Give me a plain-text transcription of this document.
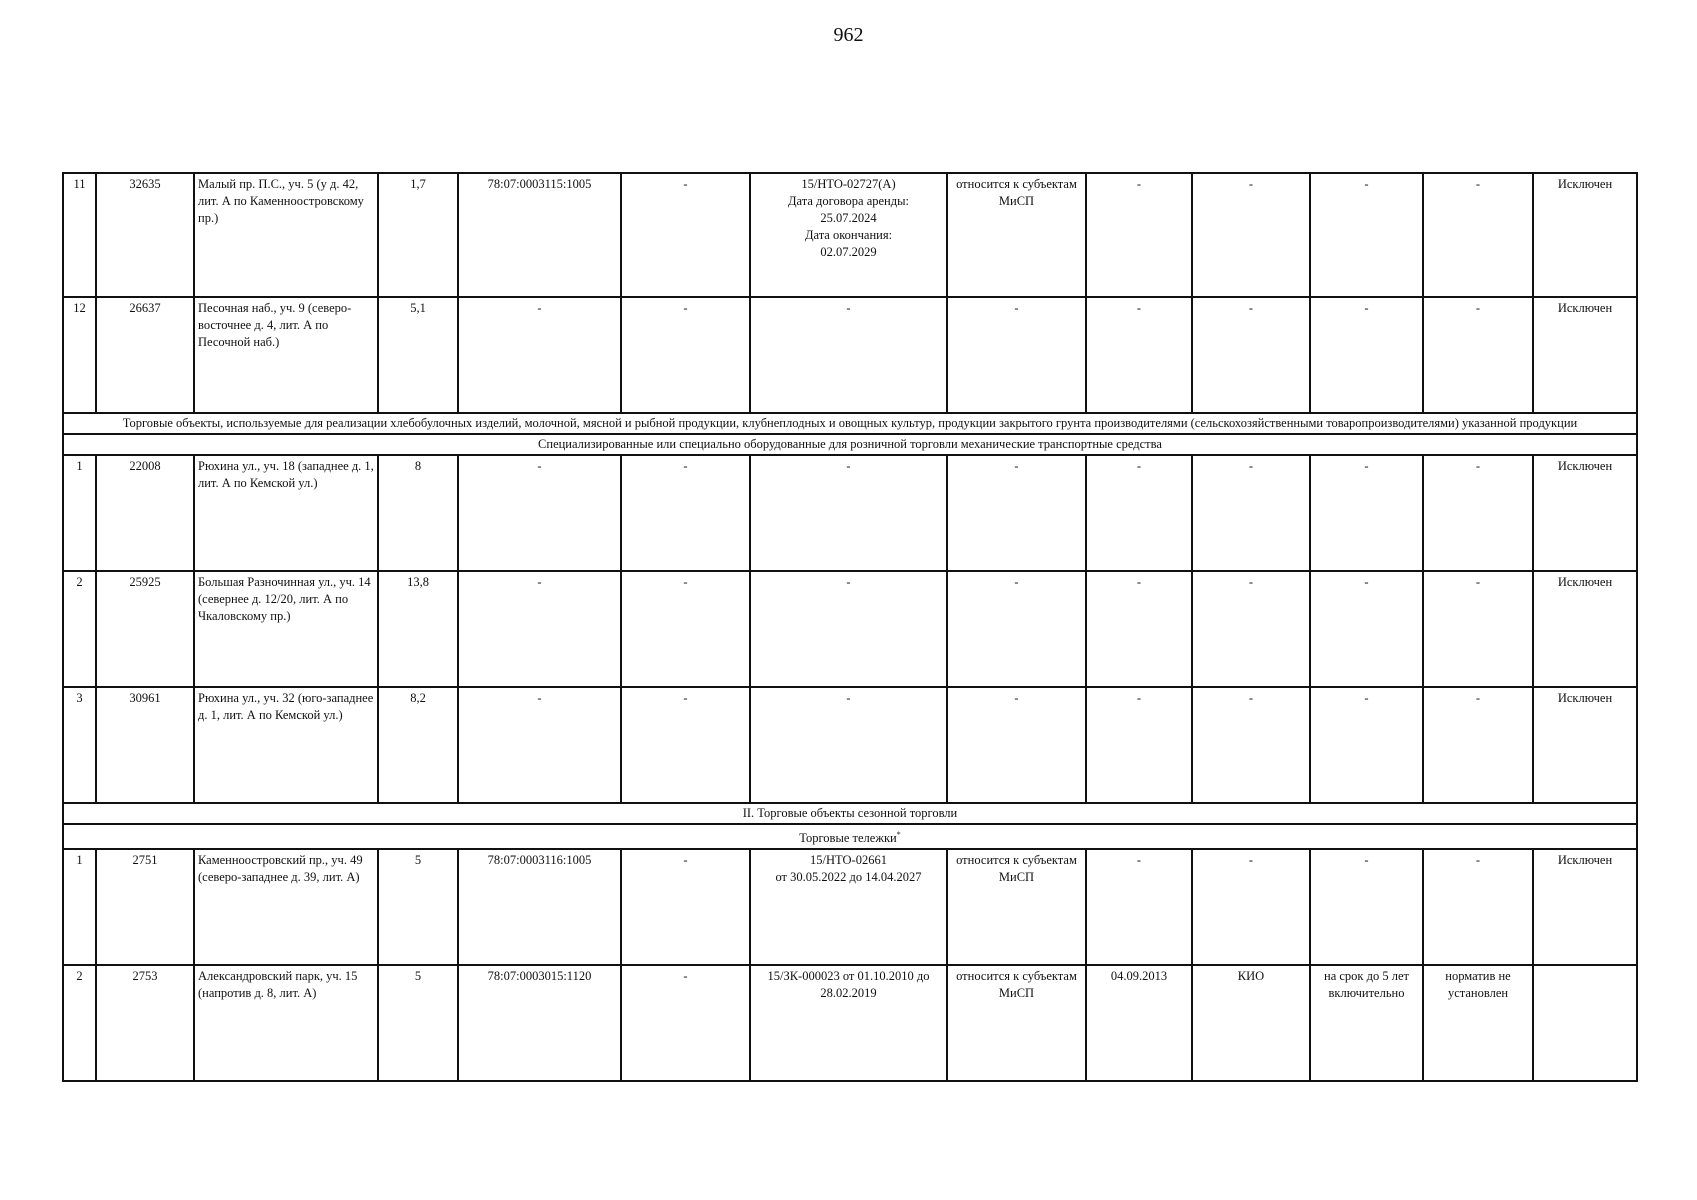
962
11	32635	Малый пр. П.С., уч. 5 (у д. 42, лит. А по Каменноостровскому пр.)	1,7	78:07:0003115:1005	-	15/НТО-02727(А)
Дата договора аренды:
25.07.2024
Дата окончания:
02.07.2029	относится к субъектам МиСП	-	-	-	-	Исключен
12	26637	Песочная наб., уч. 9 (северо-восточнее д. 4, лит. А по Песочной наб.)	5,1	-	-	-	-	-	-	-	-	Исключен
Торговые объекты, используемые для реализации хлебобулочных изделий, молочной, мясной и рыбной продукции, клубнеплодных и овощных культур, продукции закрытого грунта производителями (сельскохозяйственными товаропроизводителями) указанной продукции												
Специализированные или специально оборудованные для розничной торговли механические транспортные средства												
1	22008	Рюхина ул., уч. 18 (западнее д. 1, лит. А по Кемской ул.)	8	-	-	-	-	-	-	-	-	Исключен
2	25925	Большая Разночинная ул., уч. 14 (севернее д. 12/20, лит. А по Чкаловскому пр.)	13,8	-	-	-	-	-	-	-	-	Исключен
3	30961	Рюхина ул., уч. 32 (юго-западнее д. 1, лит. А по Кемской ул.)	8,2	-	-	-	-	-	-	-	-	Исключен
II. Торговые объекты сезонной торговли												
Торговые тележки*
1	2751	Каменноостровский пр., уч. 49 (северо-западнее д. 39, лит. А)	5	78:07:0003116:1005	-	15/НТО-02661
от 30.05.2022 до 14.04.2027	относится к субъектам МиСП	-	-	-	-	Исключен
2	2753	Александровский парк, уч. 15 (напротив д. 8, лит. А)	5	78:07:0003015:1120	-	15/ЗК-000023 от 01.10.2010 до 28.02.2019	относится к субъектам МиСП	04.09.2013	КИО	на срок до 5 лет включительно	норматив не установлен	
